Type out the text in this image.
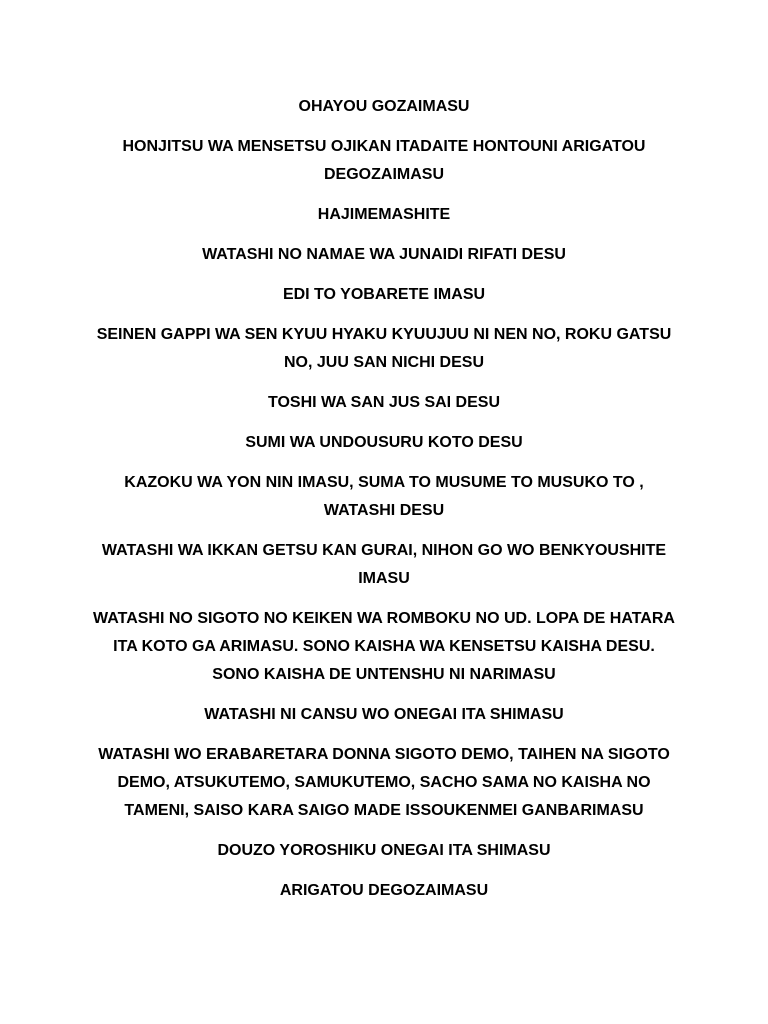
OHAYOU GOZAIMASU

HONJITSU WA MENSETSU OJIKAN ITADAITE HONTOUNI ARIGATOU DEGOZAIMASU

HAJIMEMASHITE

WATASHI NO NAMAE WA JUNAIDI RIFATI DESU

EDI TO YOBARETE IMASU

SEINEN GAPPI WA SEN KYUU HYAKU KYUUJUU NI NEN NO, ROKU GATSU NO, JUU SAN NICHI DESU

TOSHI WA SAN JUS SAI DESU

SUMI WA UNDOUSURU KOTO DESU

KAZOKU WA YON NIN IMASU, SUMA TO MUSUME TO MUSUKO TO , WATASHI DESU

WATASHI WA IKKAN GETSU KAN GURAI, NIHON GO WO BENKYOUSHITE IMASU

WATASHI NO SIGOTO NO KEIKEN WA ROMBOKU NO UD. LOPA DE HATARA ITA KOTO GA ARIMASU. SONO KAISHA WA KENSETSU KAISHA DESU. SONO KAISHA DE UNTENSHU NI NARIMASU

WATASHI NI CANSU WO ONEGAI ITA SHIMASU

WATASHI WO ERABARETARA DONNA SIGOTO DEMO, TAIHEN NA SIGOTO DEMO, ATSUKUTEMO, SAMUKUTEMO, SACHO SAMA NO KAISHA NO TAMENI, SAISO KARA SAIGO MADE ISSOUKENMEI GANBARIMASU

DOUZO YOROSHIKU ONEGAI ITA SHIMASU

ARIGATOU DEGOZAIMASU
